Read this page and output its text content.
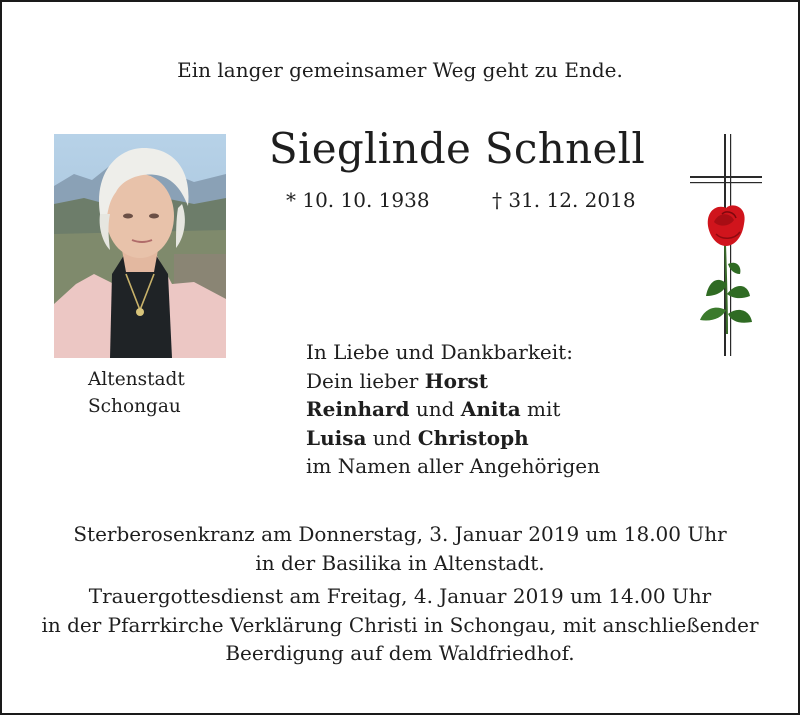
Ein langer gemeinsamer Weg geht zu Ende.
Sieglinde Schnell
* 10. 10. 1938	† 31. 12. 2018
Altenstadt
Schongau
In Liebe und Dankbarkeit:
Dein lieber Horst
Reinhard und Anita mit
Luisa und Christoph
im Namen aller Angehörigen
Sterberosenkranz am Donnerstag, 3. Januar 2019 um 18.00 Uhr
in der Basilika in Altenstadt.
Trauergottesdienst am Freitag, 4. Januar 2019 um 14.00 Uhr
in der Pfarrkirche Verklärung Christi in Schongau, mit anschließender
Beerdigung auf dem Waldfriedhof.
